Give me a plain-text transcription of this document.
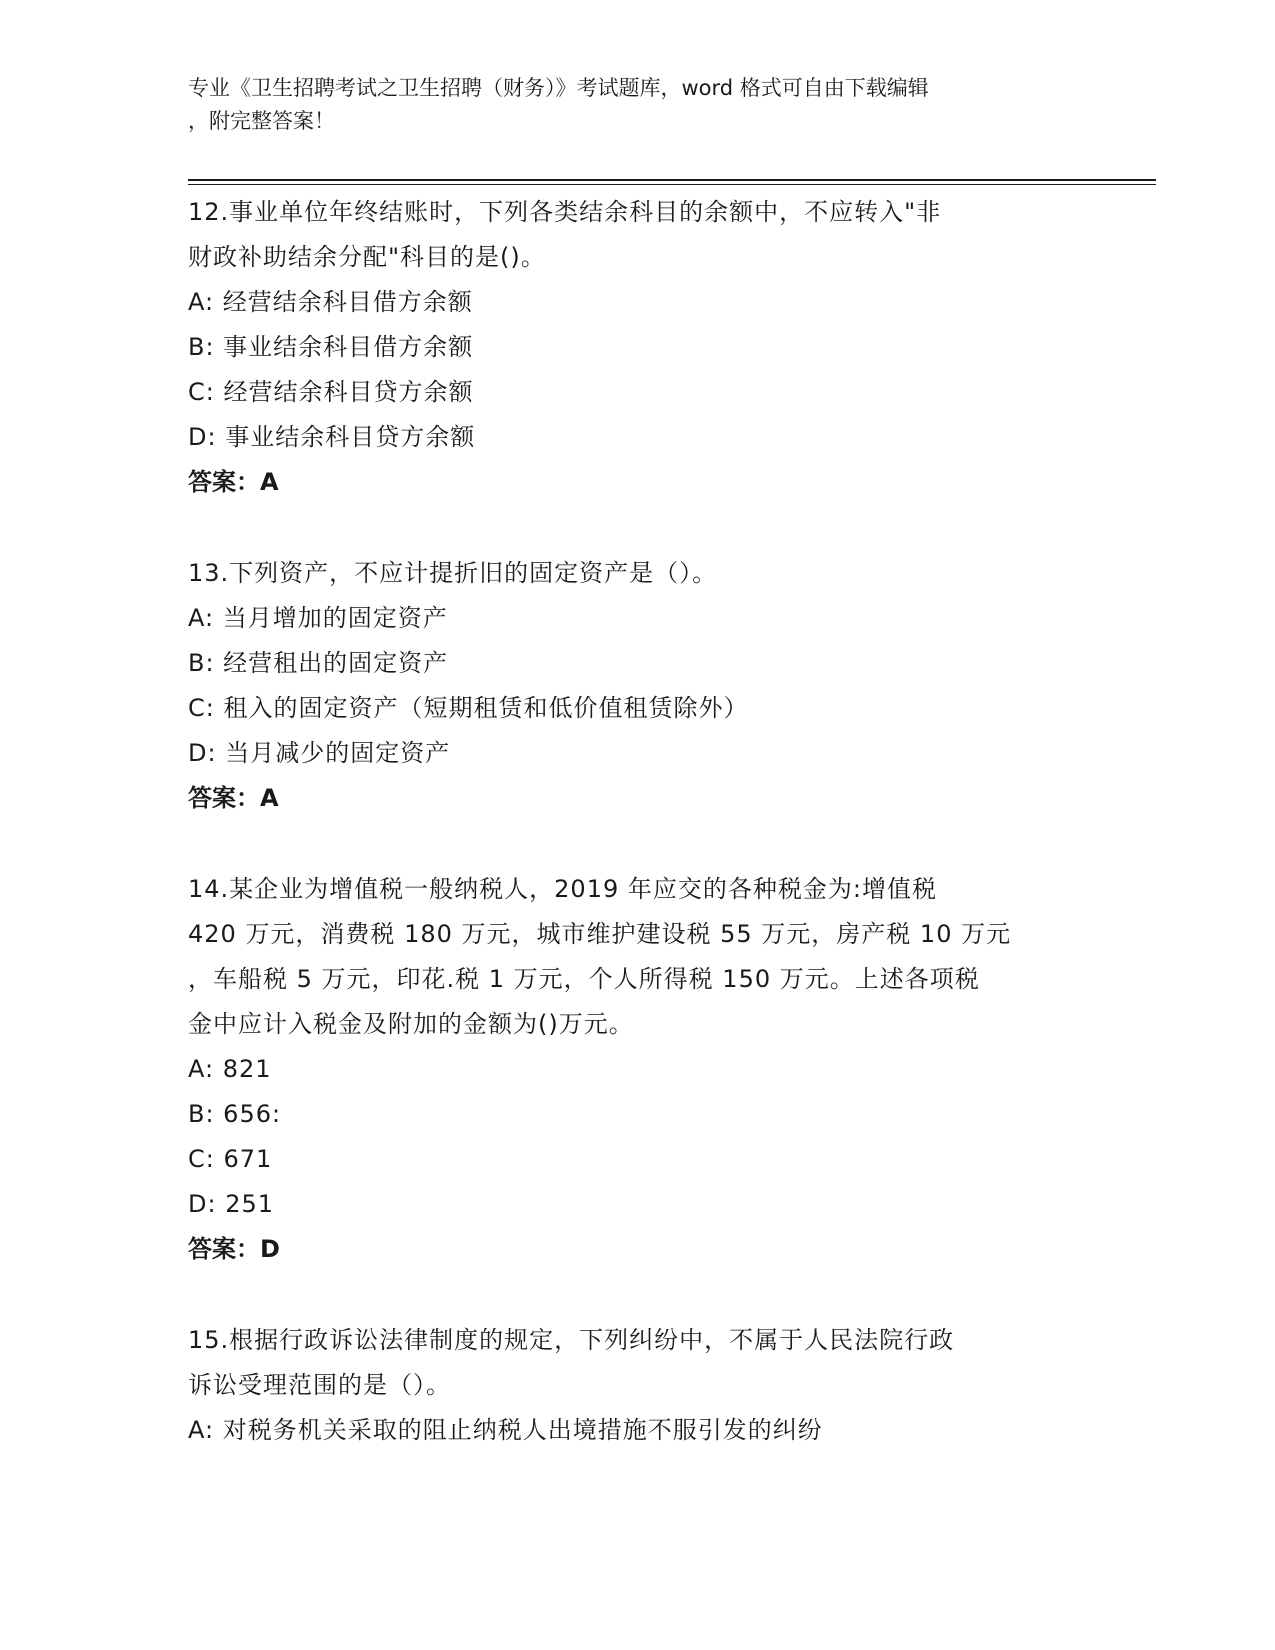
专业《卫生招聘考试之卫生招聘（财务）》考试题库，word 格式可自由下载编辑
，附完整答案！
12.事业单位年终结账时，下列各类结余科目的余额中，不应转入"非
财政补助结余分配"科目的是()。
A: 经营结余科目借方余额
B: 事业结余科目借方余额
C: 经营结余科目贷方余额
D: 事业结余科目贷方余额
答案：A
13.下列资产，不应计提折旧的固定资产是（）。
A: 当月增加的固定资产
B: 经营租出的固定资产
C: 租入的固定资产（短期租赁和低价值租赁除外）
D: 当月减少的固定资产
答案：A
14.某企业为增值税一般纳税人，2019 年应交的各种税金为:增值税
420 万元，消费税 180 万元，城市维护建设税 55 万元，房产税 10 万元
，车船税 5 万元，印花.税 1 万元，个人所得税 150 万元。上述各项税
金中应计入税金及附加的金额为()万元。
A: 821
B: 656:
C: 671
D: 251
答案：D
15.根据行政诉讼法律制度的规定，下列纠纷中，不属于人民法院行政
诉讼受理范围的是（）。
A: 对税务机关采取的阻止纳税人出境措施不服引发的纠纷
